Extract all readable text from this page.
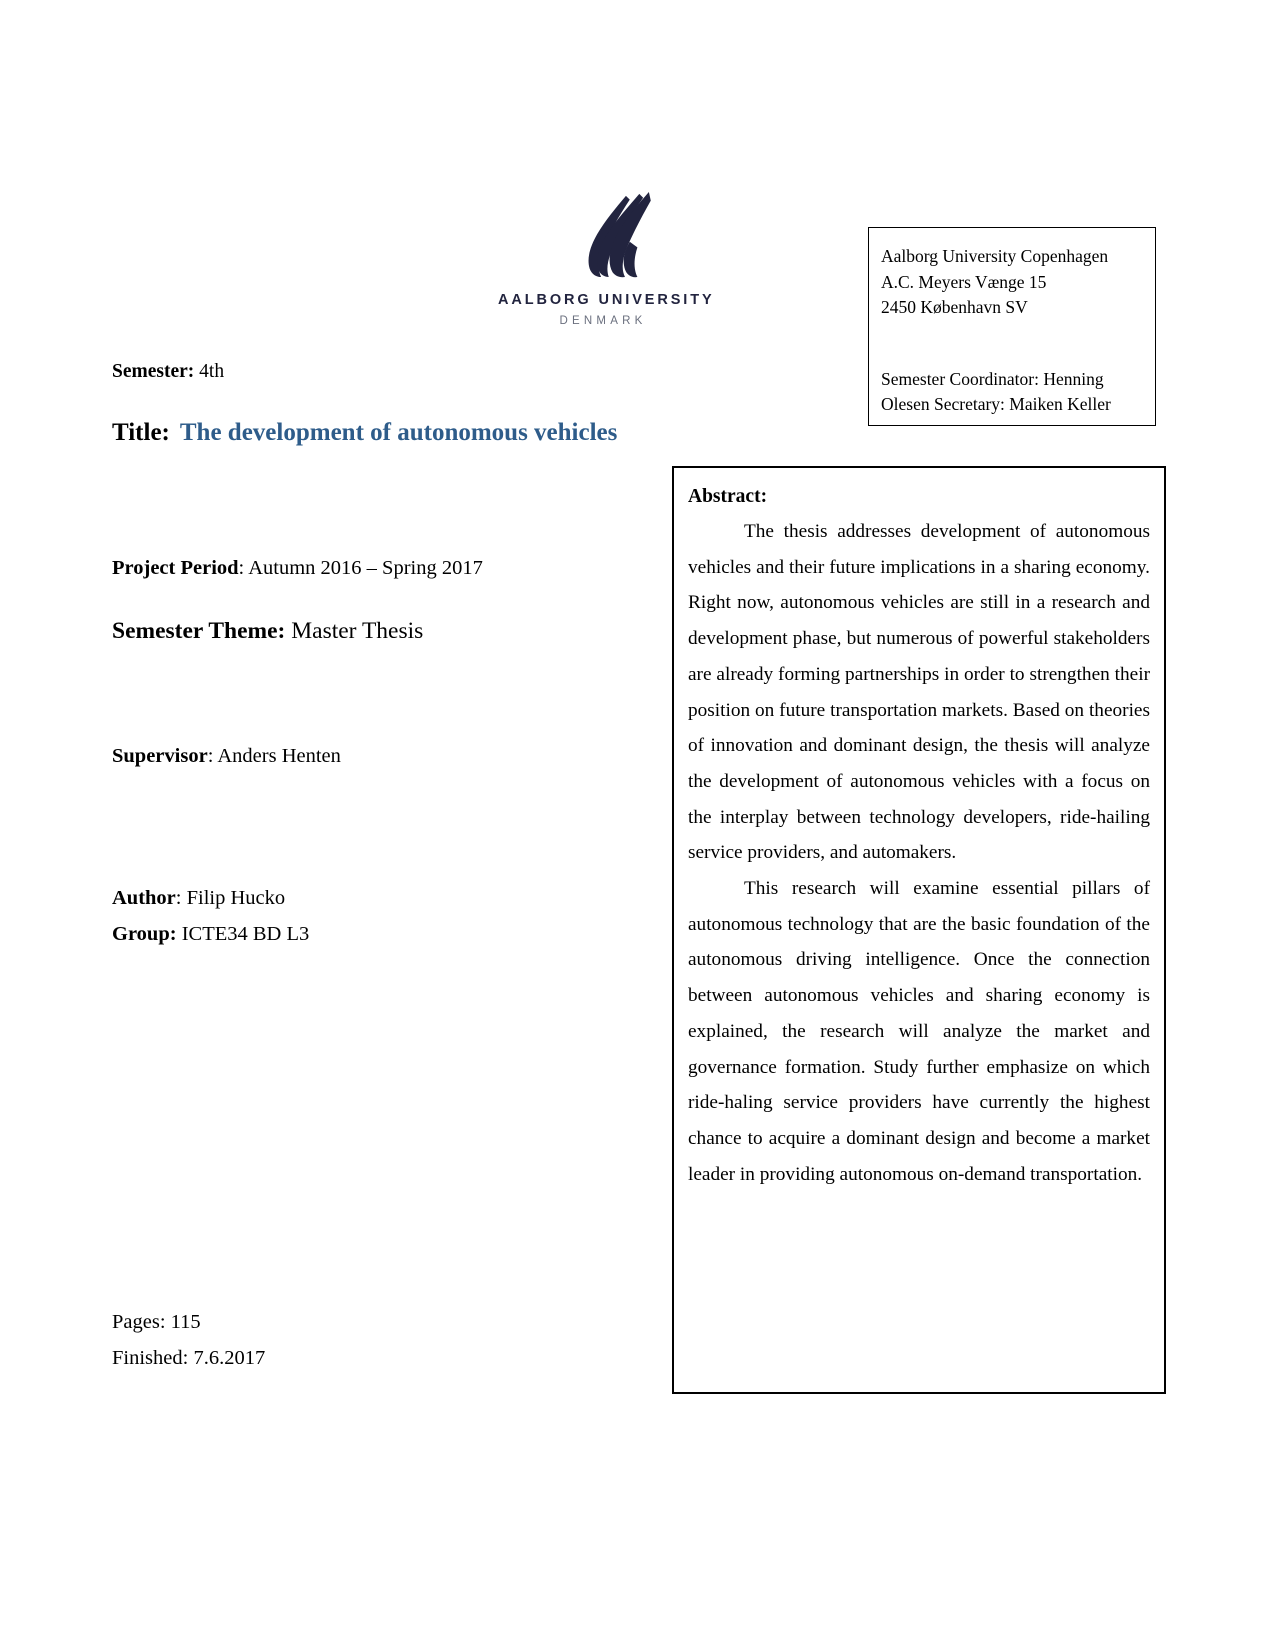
AALBORG UNIVERSITY
DENMARK
Aalborg University Copenhagen
A.C. Meyers Vænge 15
2450 København SV
Semester Coordinator: Henning
Olesen Secretary: Maiken Keller
Semester: 4th
Title: The development of autonomous vehicles
Project Period: Autumn 2016 – Spring 2017
Semester Theme: Master Thesis
Supervisor: Anders Henten
Author: Filip Hucko
Group: ICTE34 BD L3
Pages: 115
Finished: 7.6.2017
Abstract:

The thesis addresses development of autonomous vehicles and their future implications in a sharing economy. Right now, autonomous vehicles are still in a research and development phase, but numerous of powerful stakeholders are already forming partnerships in order to strengthen their position on future transportation markets. Based on theories of innovation and dominant design, the thesis will analyze the development of autonomous vehicles with a focus on the interplay between technology developers, ride-hailing service providers, and automakers.

This research will examine essential pillars of autonomous technology that are the basic foundation of the autonomous driving intelligence. Once the connection between autonomous vehicles and sharing economy is explained, the research will analyze the market and governance formation. Study further emphasize on which ride-haling service providers have currently the highest chance to acquire a dominant design and become a market leader in providing autonomous on-demand transportation.
